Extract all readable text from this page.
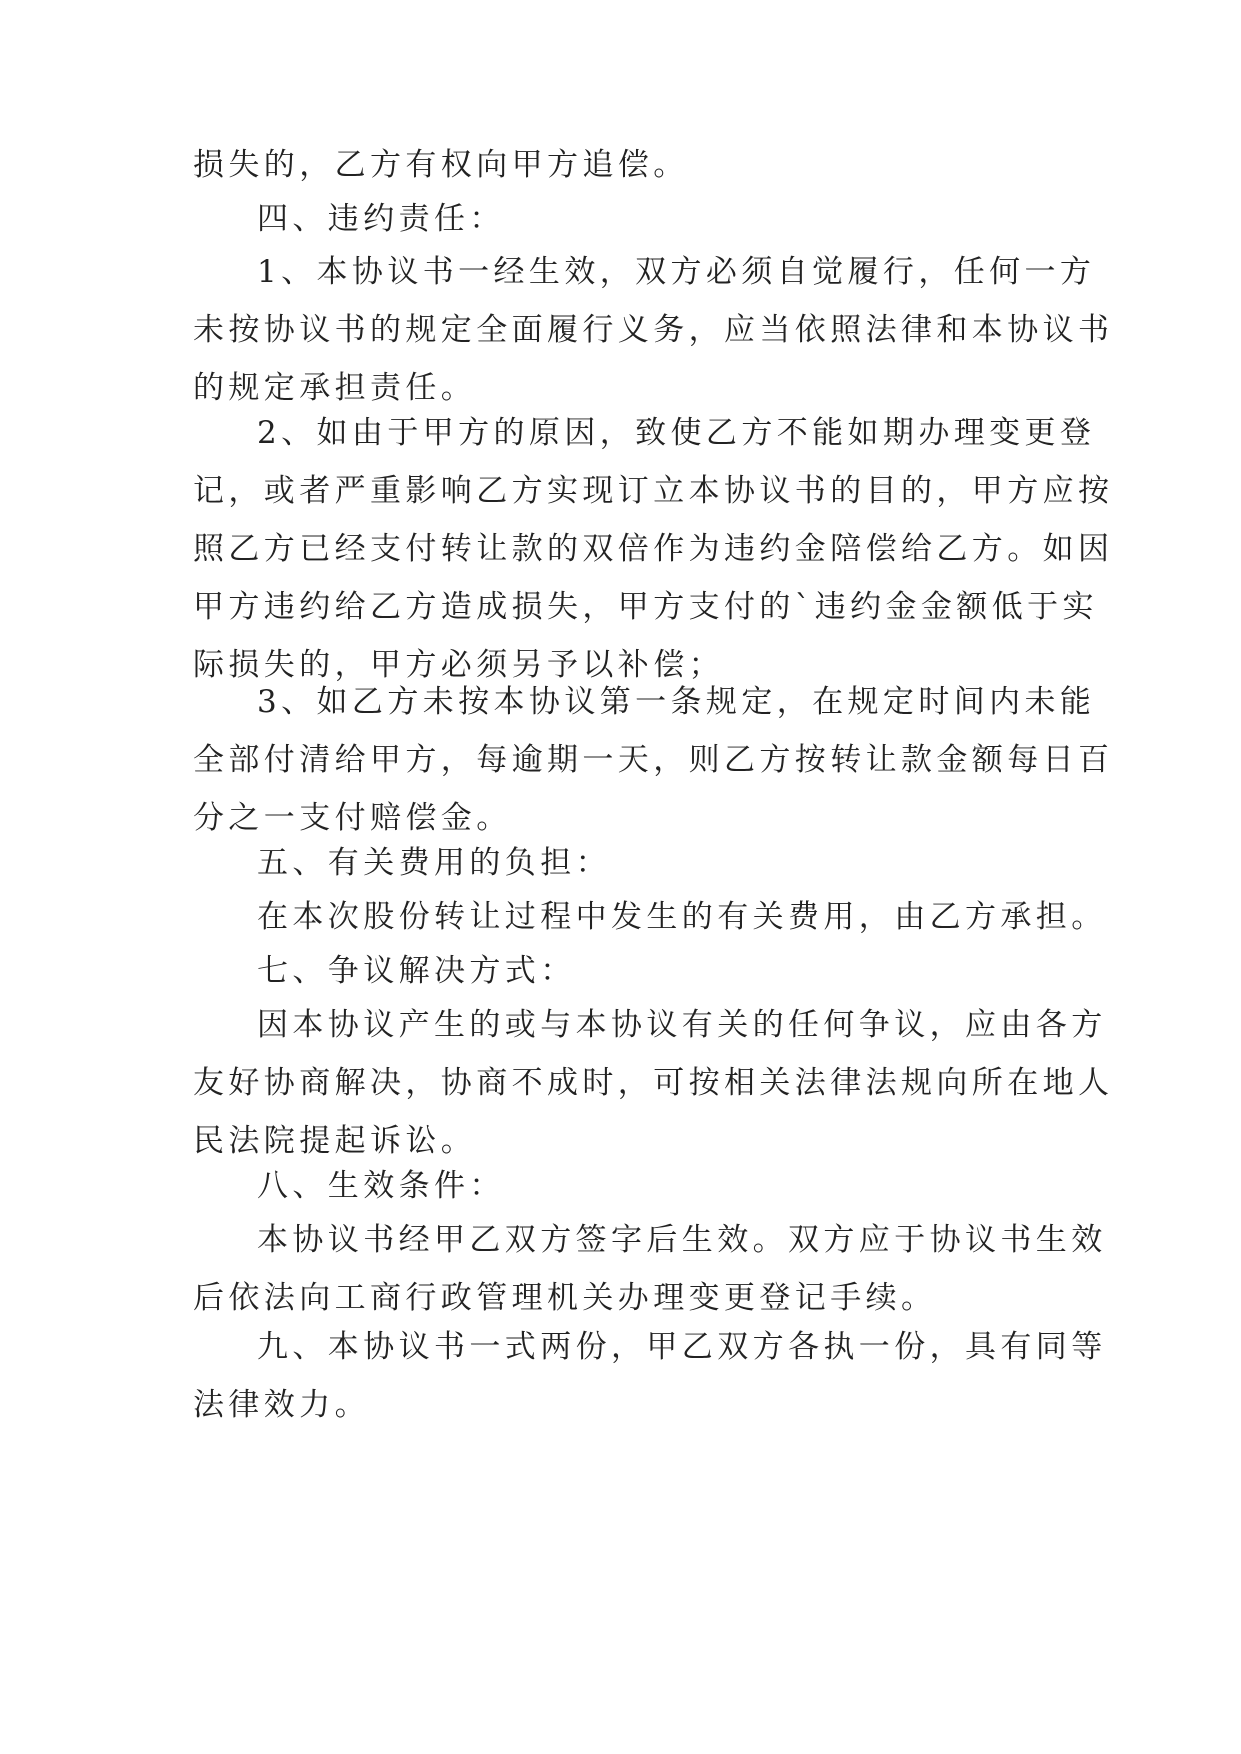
损失的，乙方有权向甲方追偿。

四、违约责任：

1、本协议书一经生效，双方必须自觉履行，任何一方
未按协议书的规定全面履行义务，应当依照法律和本协议书
的规定承担责任。

2、如由于甲方的原因，致使乙方不能如期办理变更登
记，或者严重影响乙方实现订立本协议书的目的，甲方应按
照乙方已经支付转让款的双倍作为违约金陪偿给乙方。如因
甲方违约给乙方造成损失，甲方支付的`违约金金额低于实
际损失的，甲方必须另予以补偿；

3、如乙方未按本协议第一条规定，在规定时间内未能
全部付清给甲方，每逾期一天，则乙方按转让款金额每日百
分之一支付赔偿金。

五、有关费用的负担：

在本次股份转让过程中发生的有关费用，由乙方承担。

七、争议解决方式：

因本协议产生的或与本协议有关的任何争议，应由各方
友好协商解决，协商不成时，可按相关法律法规向所在地人
民法院提起诉讼。

八、生效条件：

本协议书经甲乙双方签字后生效。双方应于协议书生效
后依法向工商行政管理机关办理变更登记手续。

九、本协议书一式两份，甲乙双方各执一份，具有同等
法律效力。
